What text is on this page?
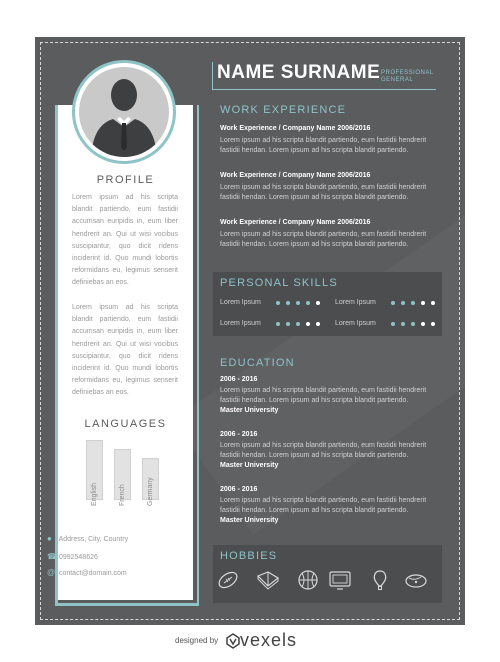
PROFILE
Lorem ipsum ad his scripta blandit partiendo, eum fastidii accumsan euripidis in, eum liber hendrerit an. Qui ut wisi vocibus suscipiantur, quo dicit ridens inciderint id. Quo mundi lobortis reformidans eu, legimus senserit definiebas an eos.
Lorem ipsum ad his scripta blandit partiendo, eum fastidii accumsan euripidis in, eum liber hendrerit an. Qui ut wisi vocibus suscipiantur, quo dicit ridens inciderint id. Quo mundi lobortis reformidans eu, legimus senserit definiebas an eos.
LANGUAGES
English	French	Germany
● Address, City, Country
☎ 0992548626
@ contact@domain.com
NAME SURNAME PROFESSIONAL
GENERAL
WORK EXPERIENCE
Work Experience / Company Name 2006/2016
Lorem ipsum ad his scripta blandit partiendo, eum fastidii hendrerit fastidii hendan. Lorem ipsum ad his scripta blandit partiendo.
Work Experience / Company Name 2006/2016
Lorem ipsum ad his scripta blandit partiendo, eum fastidii hendrerit fastidii hendan. Lorem ipsum ad his scripta blandit partiendo.
Work Experience / Company Name 2006/2016
Lorem ipsum ad his scripta blandit partiendo, eum fastidii hendrerit fastidii hendan. Lorem ipsum ad his scripta blandit partiendo.
PERSONAL SKILLS
Lorem Ipsum	Lorem Ipsum
Lorem Ipsum	Lorem Ipsum
EDUCATION
2006 - 2016
Lorem ipsum ad his scripta blandit partiendo, eum fastidii hendrerit fastidii hendan. Lorem ipsum ad his scripta blandit partiendo.
Master University
2006 - 2016
Lorem ipsum ad his scripta blandit partiendo, eum fastidii hendrerit fastidii hendan. Lorem ipsum ad his scripta blandit partiendo.
Master University
2006 - 2016
Lorem ipsum ad his scripta blandit partiendo, eum fastidii hendrerit fastidii hendan. Lorem ipsum ad his scripta blandit partiendo.
Master University
HOBBIES
designed by vexels
